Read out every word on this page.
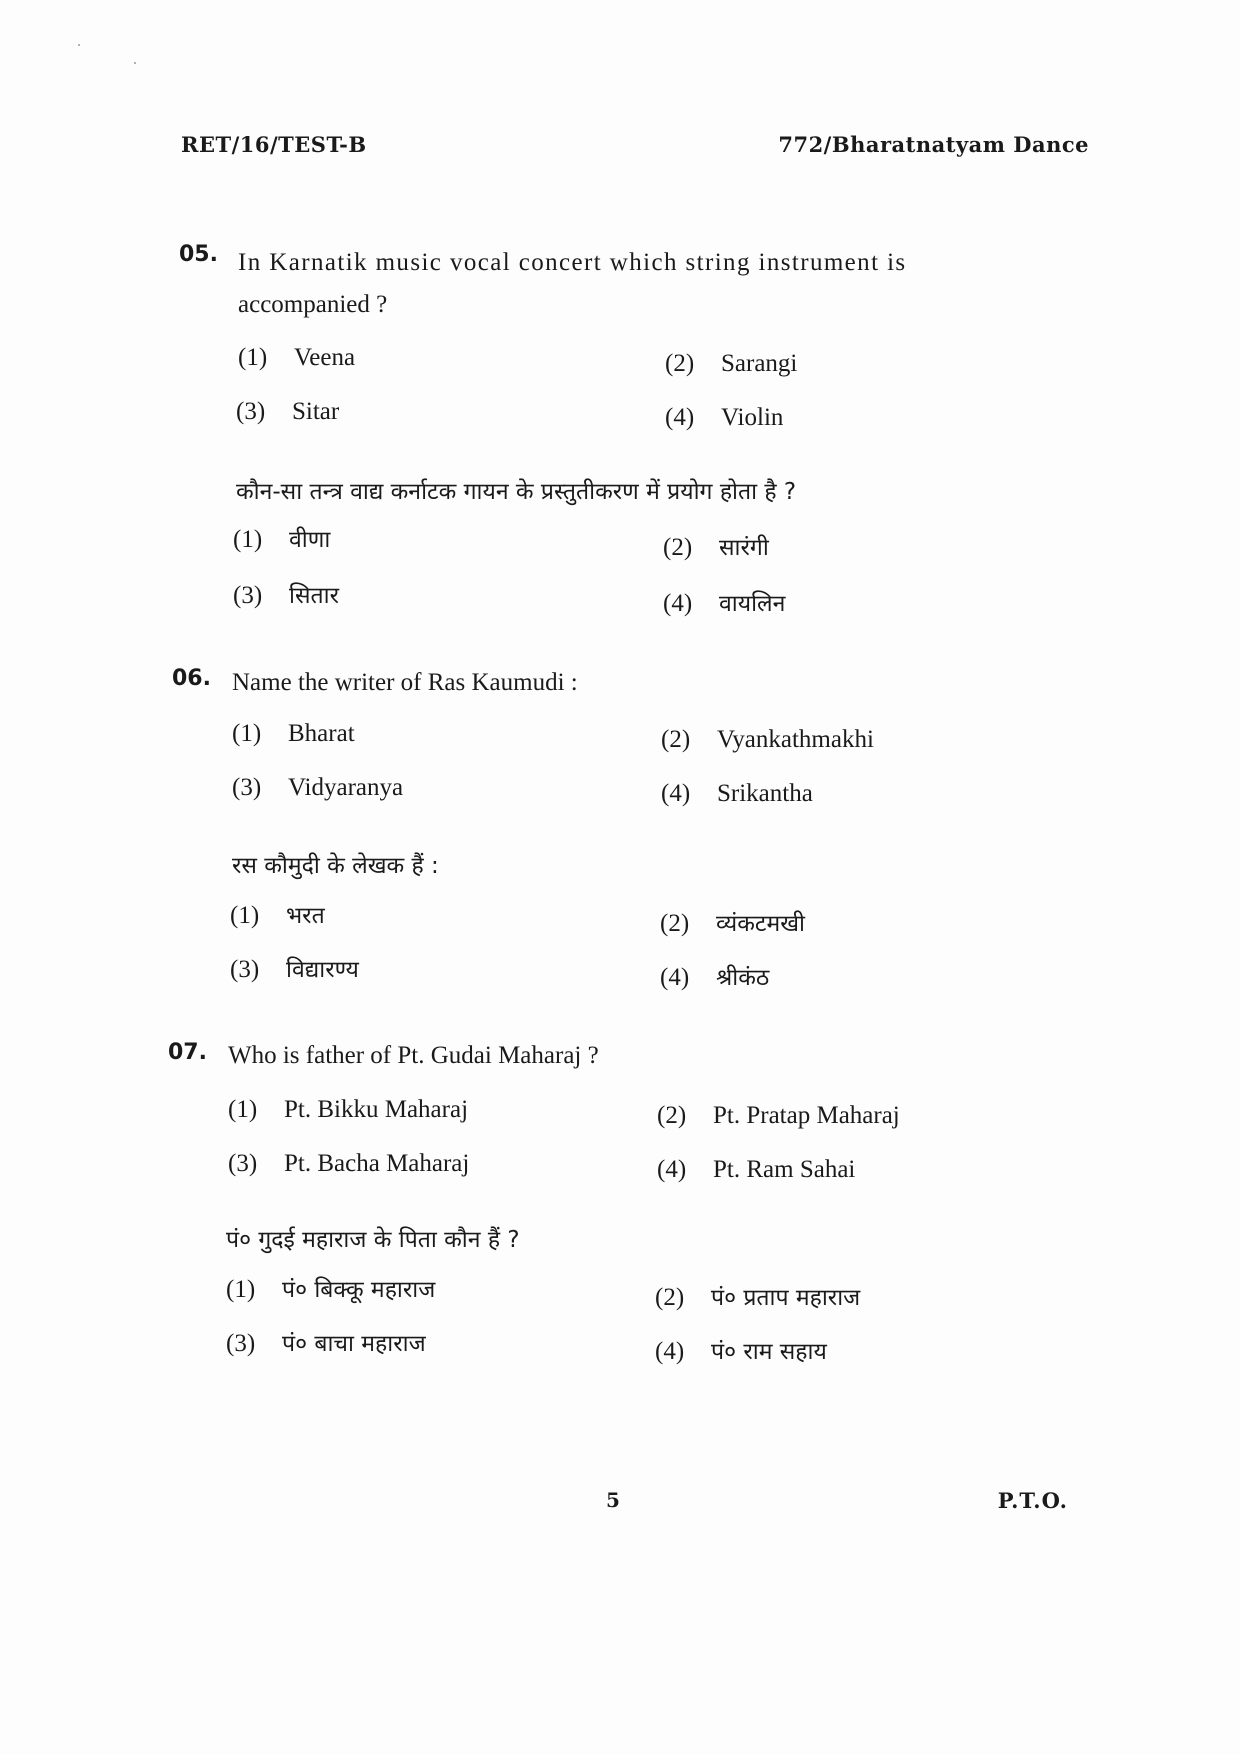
RET/16/TEST-B	772/Bharatnatyam Dance
05. In Karnatik music vocal concert which string instrument is
accompanied ?
(1) Veena	(2) Sarangi
(3) Sitar	(4) Violin
कौन-सा तन्त्र वाद्य कर्नाटक गायन के प्रस्तुतीकरण में प्रयोग होता है ?
(1) वीणा	(2) सारंगी
(3) सितार	(4) वायलिन
06. Name the writer of Ras Kaumudi :
(1) Bharat	(2) Vyankathmakhi
(3) Vidyaranya	(4) Srikantha
रस कौमुदी के लेखक हैं :
(1) भरत	(2) व्यंकटमखी
(3) विद्यारण्य	(4) श्रीकंठ
07. Who is father of Pt. Gudai Maharaj ?
(1) Pt. Bikku Maharaj	(2) Pt. Pratap Maharaj
(3) Pt. Bacha Maharaj	(4) Pt. Ram Sahai
पं० गुदई महाराज के पिता कौन हैं ?
(1) पं० बिक्कू महाराज	(2) पं० प्रताप महाराज
(3) पं० बाचा महाराज	(4) पं० राम सहाय
5	P.T.O.
